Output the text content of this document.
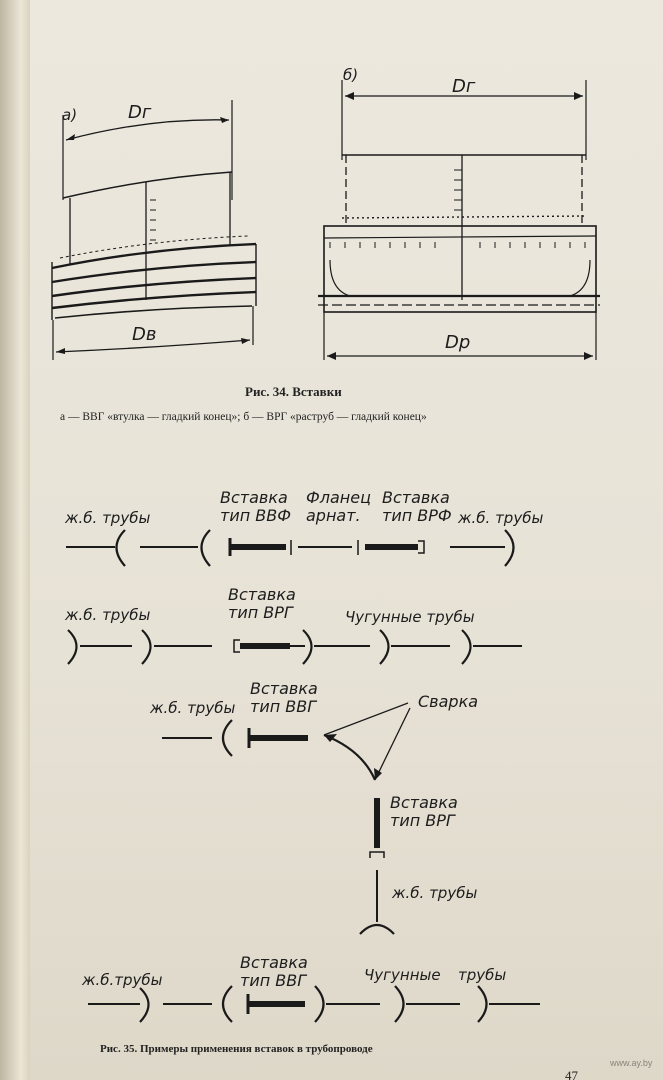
а)	Dг
Dв
б)
Dг
Dр
Рис. 34. Вставки
а — ВВГ «втулка — гладкий конец»; б — ВРГ «раструб — гладкий конец»
ж.б. трубы
Вставка
тип ВВФ
Фланец
арнат.
Вставка
тип ВРФ ж.б. трубы
ж.б. трубы
Вставка
тип ВРГ	Чугунные трубы
ж.б. трубы
Вставка
тип ВВГ	Сварка
Вставка
тип ВРГ
ж.б. трубы
ж.б.трубы
Вставка
тип ВВГ	Чугунные трубы
Рис. 35. Примеры применения вставок в трубопроводе
47
www.ay.by
